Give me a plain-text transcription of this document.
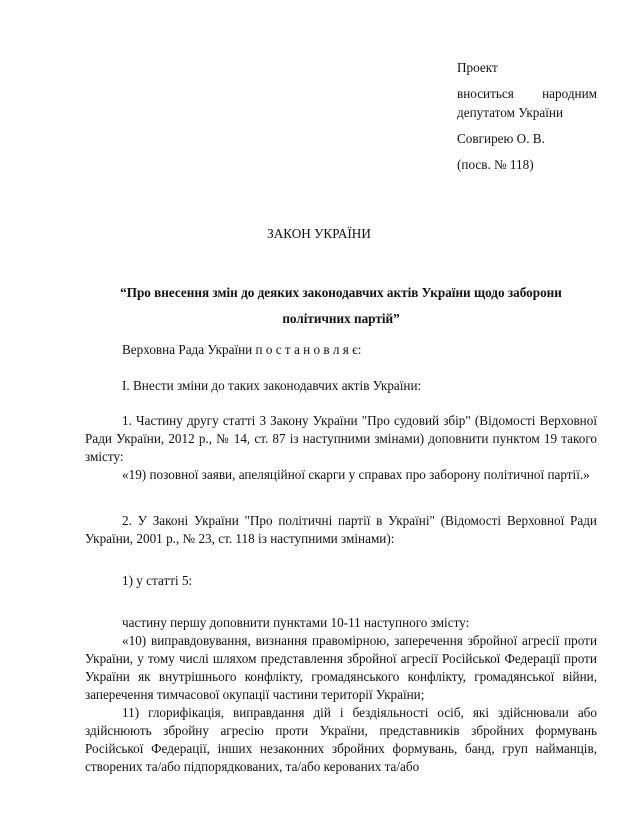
Проект

вноситься народним депутатом України

Совгирею О. В.

(посв. № 118)

ЗАКОН УКРАЇНИ
“Про внесення змін до деяких законодавчих актів України щодо заборони політичних партій”

Верховна Рада України п о с т а н о в л я є:

І. Внести зміни до таких законодавчих актів України:

1. Частину другу статті 3 Закону України "Про судовий збір" (Відомості Верховної Ради України, 2012 р., № 14, ст. 87 із наступними змінами) доповнити пунктом 19 такого змісту:

«19) позовної заяви, апеляційної скарги у справах про заборону політичної партії.»

2. У Законі України "Про політичні партії в Україні" (Відомості Верховної Ради України, 2001 р., № 23, ст. 118 із наступними змінами):

1) у статті 5:

частину першу доповнити пунктами 10-11 наступного змісту:

«10) виправдовування, визнання правомірною, заперечення збройної агресії проти України, у тому числі шляхом представлення збройної агресії Російської Федерації проти України як внутрішнього конфлікту, громадянського конфлікту, громадянської війни, заперечення тимчасової окупації частини території України;

11) глорифікація, виправдання дій і бездіяльності осіб, які здійснювали або здійснюють збройну агресію проти України, представників збройних формувань Російської Федерації, інших незаконних збройних формувань, банд, груп найманців, створених та/або підпорядкованих, та/або керованих та/або
